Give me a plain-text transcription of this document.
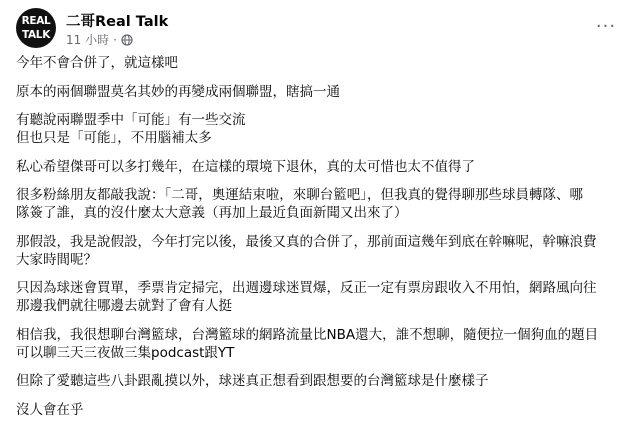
REAL
TALK
二哥Real Talk
11 小時 ·
···

今年不會合併了，就這樣吧

原本的兩個聯盟莫名其妙的再變成兩個聯盟，瞎搞一通

有聽說兩聯盟季中「可能」有一些交流
但也只是「可能」，不用腦補太多

私心希望傑哥可以多打幾年，在這樣的環境下退休，真的太可惜也太不值得了

很多粉絲朋友都敲我說：「二哥，奧運結束啦，來聊台籃吧」，但我真的覺得聊那些球員轉隊、哪
隊簽了誰，真的沒什麼太大意義（再加上最近負面新聞又出來了）

那假設，我是說假設，今年打完以後，最後又真的合併了，那前面這幾年到底在幹嘛呢，幹嘛浪費
大家時間呢？

只因為球迷會買單，季票肯定掃完，出週邊球迷買爆，反正一定有票房跟收入不用怕，網路風向往
那邊我們就往哪邊去就對了會有人挺

相信我，我很想聊台灣籃球，台灣籃球的網路流量比NBA還大，誰不想聊，隨便拉一個狗血的題目
可以聊三天三夜做三集podcast跟YT

但除了愛聽這些八卦跟亂摸以外，球迷真正想看到跟想要的台灣籃球是什麼樣子

沒人會在乎
